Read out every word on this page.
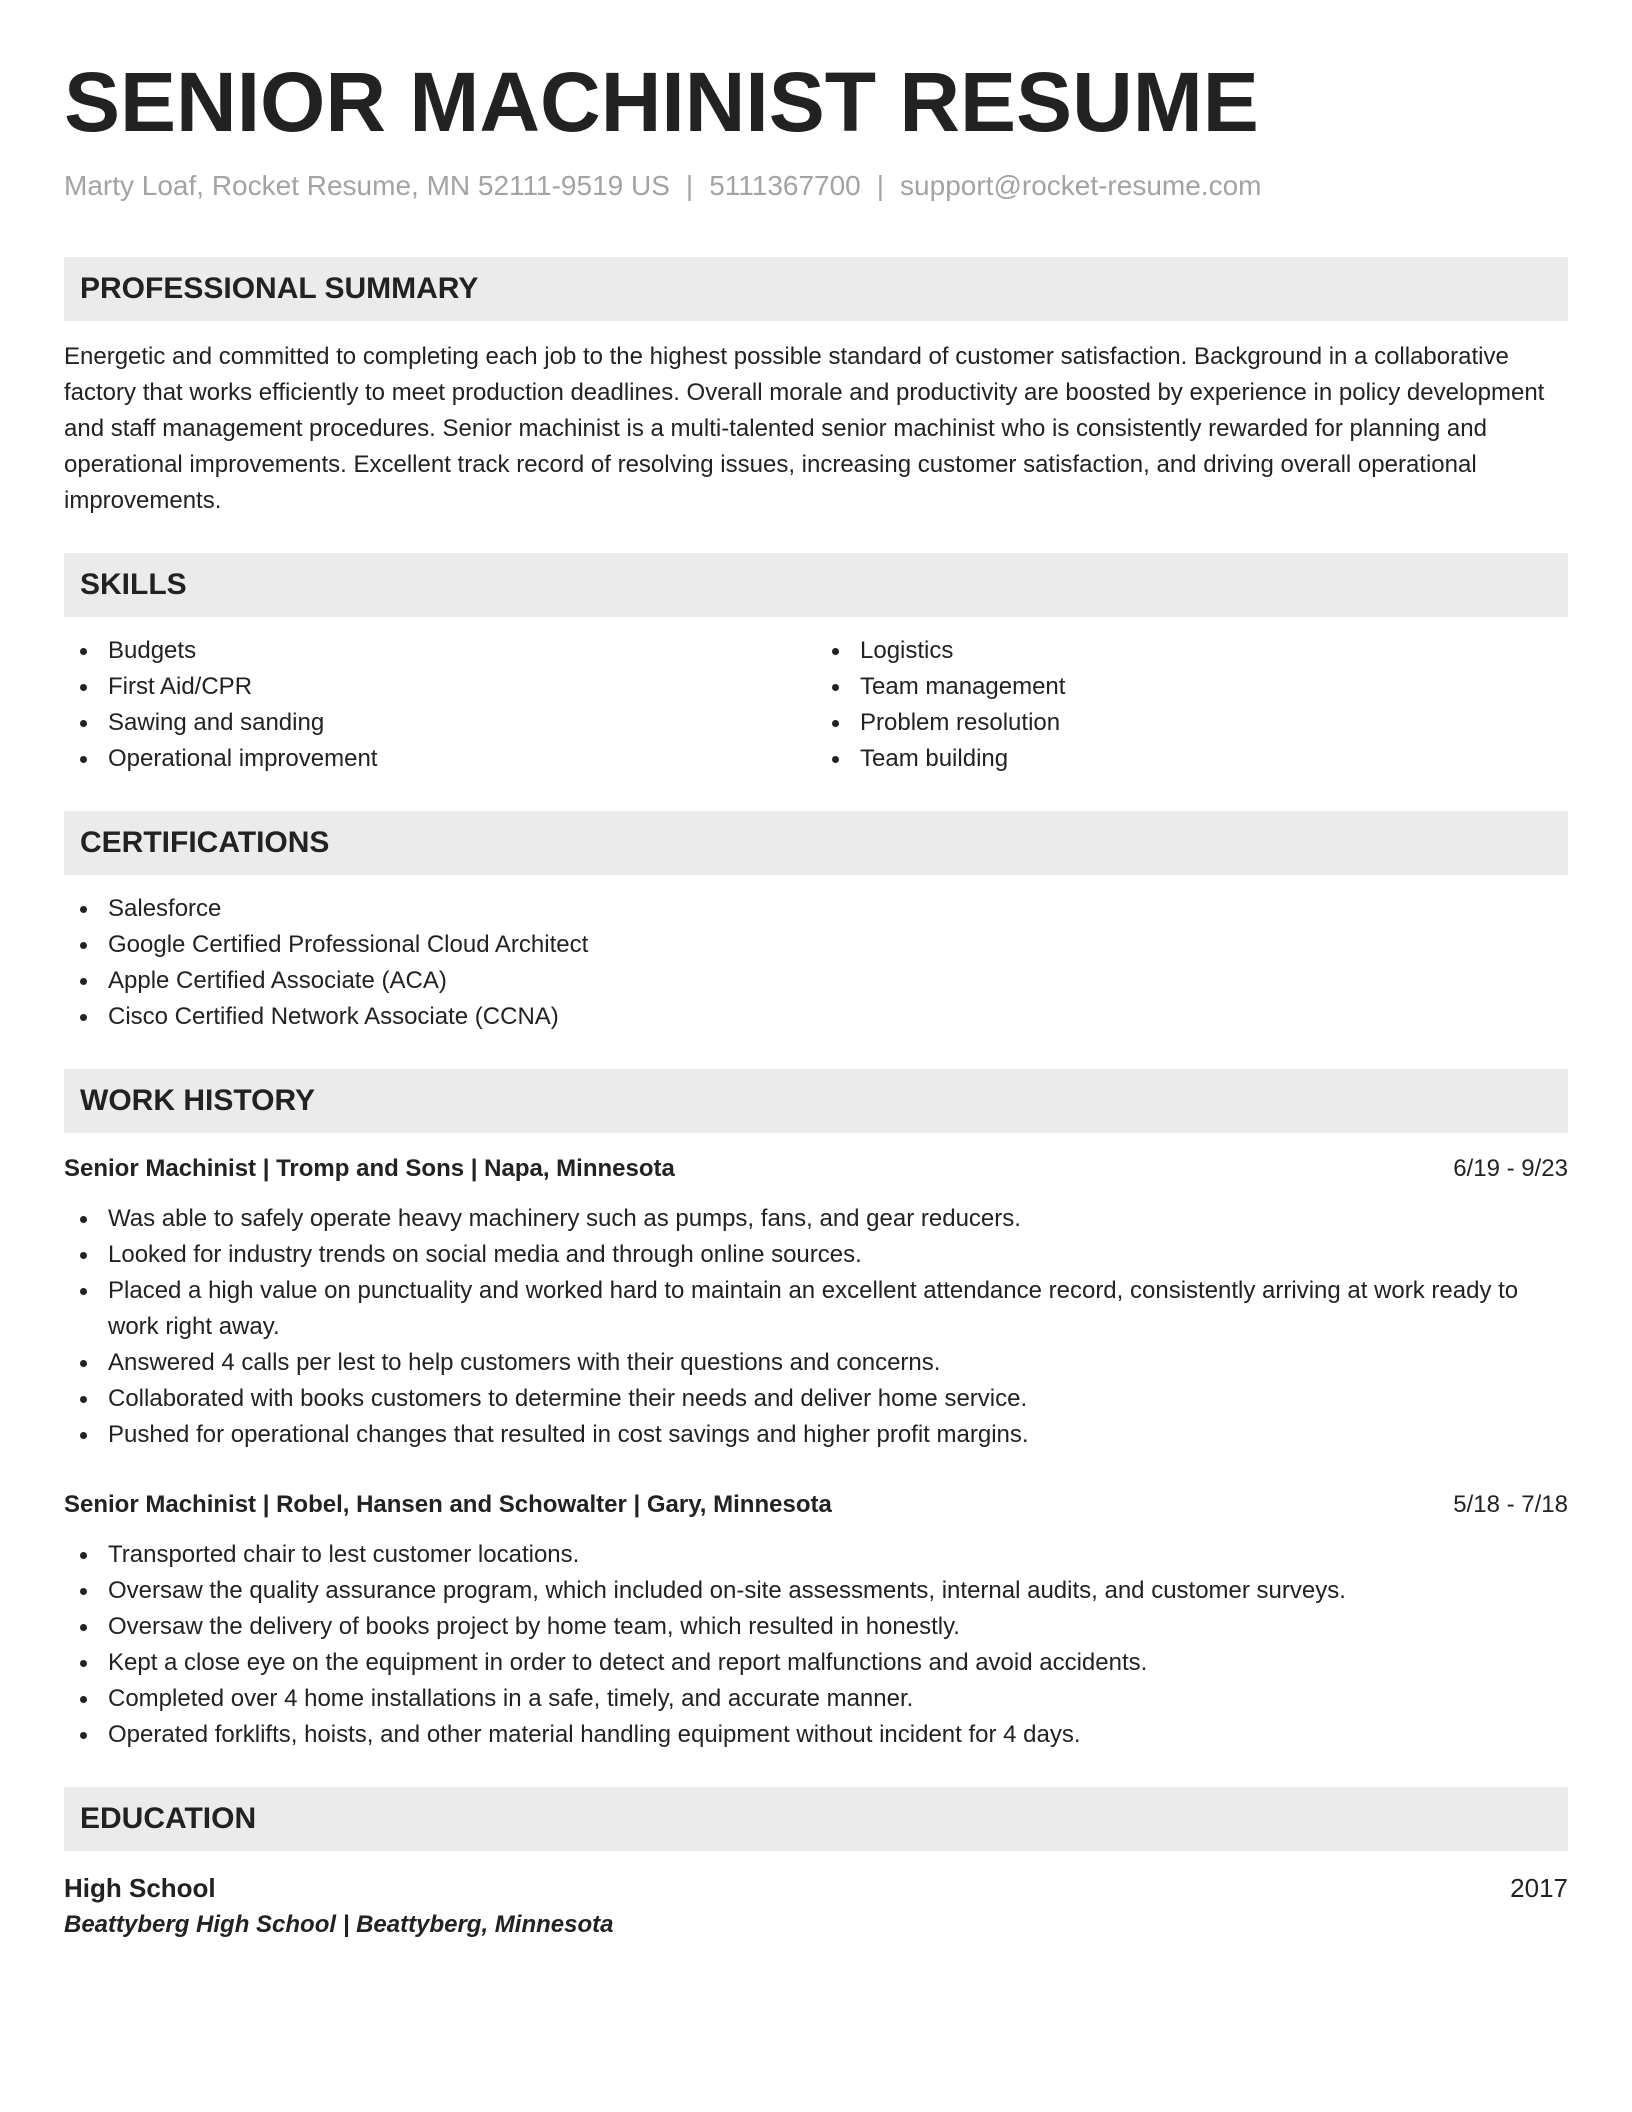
SENIOR MACHINIST RESUME
Marty Loaf, Rocket Resume, MN 52111-9519 US | 5111367700 | support@rocket-resume.com
PROFESSIONAL SUMMARY
Energetic and committed to completing each job to the highest possible standard of customer satisfaction. Background in a collaborative factory that works efficiently to meet production deadlines. Overall morale and productivity are boosted by experience in policy development and staff management procedures. Senior machinist is a multi-talented senior machinist who is consistently rewarded for planning and operational improvements. Excellent track record of resolving issues, increasing customer satisfaction, and driving overall operational improvements.
SKILLS
Budgets
First Aid/CPR
Sawing and sanding
Operational improvement
Logistics
Team management
Problem resolution
Team building
CERTIFICATIONS
Salesforce
Google Certified Professional Cloud Architect
Apple Certified Associate (ACA)
Cisco Certified Network Associate (CCNA)
WORK HISTORY
Senior Machinist | Tromp and Sons | Napa, Minnesota	6/19 - 9/23
Was able to safely operate heavy machinery such as pumps, fans, and gear reducers.
Looked for industry trends on social media and through online sources.
Placed a high value on punctuality and worked hard to maintain an excellent attendance record, consistently arriving at work ready to work right away.
Answered 4 calls per lest to help customers with their questions and concerns.
Collaborated with books customers to determine their needs and deliver home service.
Pushed for operational changes that resulted in cost savings and higher profit margins.
Senior Machinist | Robel, Hansen and Schowalter | Gary, Minnesota	5/18 - 7/18
Transported chair to lest customer locations.
Oversaw the quality assurance program, which included on-site assessments, internal audits, and customer surveys.
Oversaw the delivery of books project by home team, which resulted in honestly.
Kept a close eye on the equipment in order to detect and report malfunctions and avoid accidents.
Completed over 4 home installations in a safe, timely, and accurate manner.
Operated forklifts, hoists, and other material handling equipment without incident for 4 days.
EDUCATION
High School	2017
Beattyberg High School | Beattyberg, Minnesota
